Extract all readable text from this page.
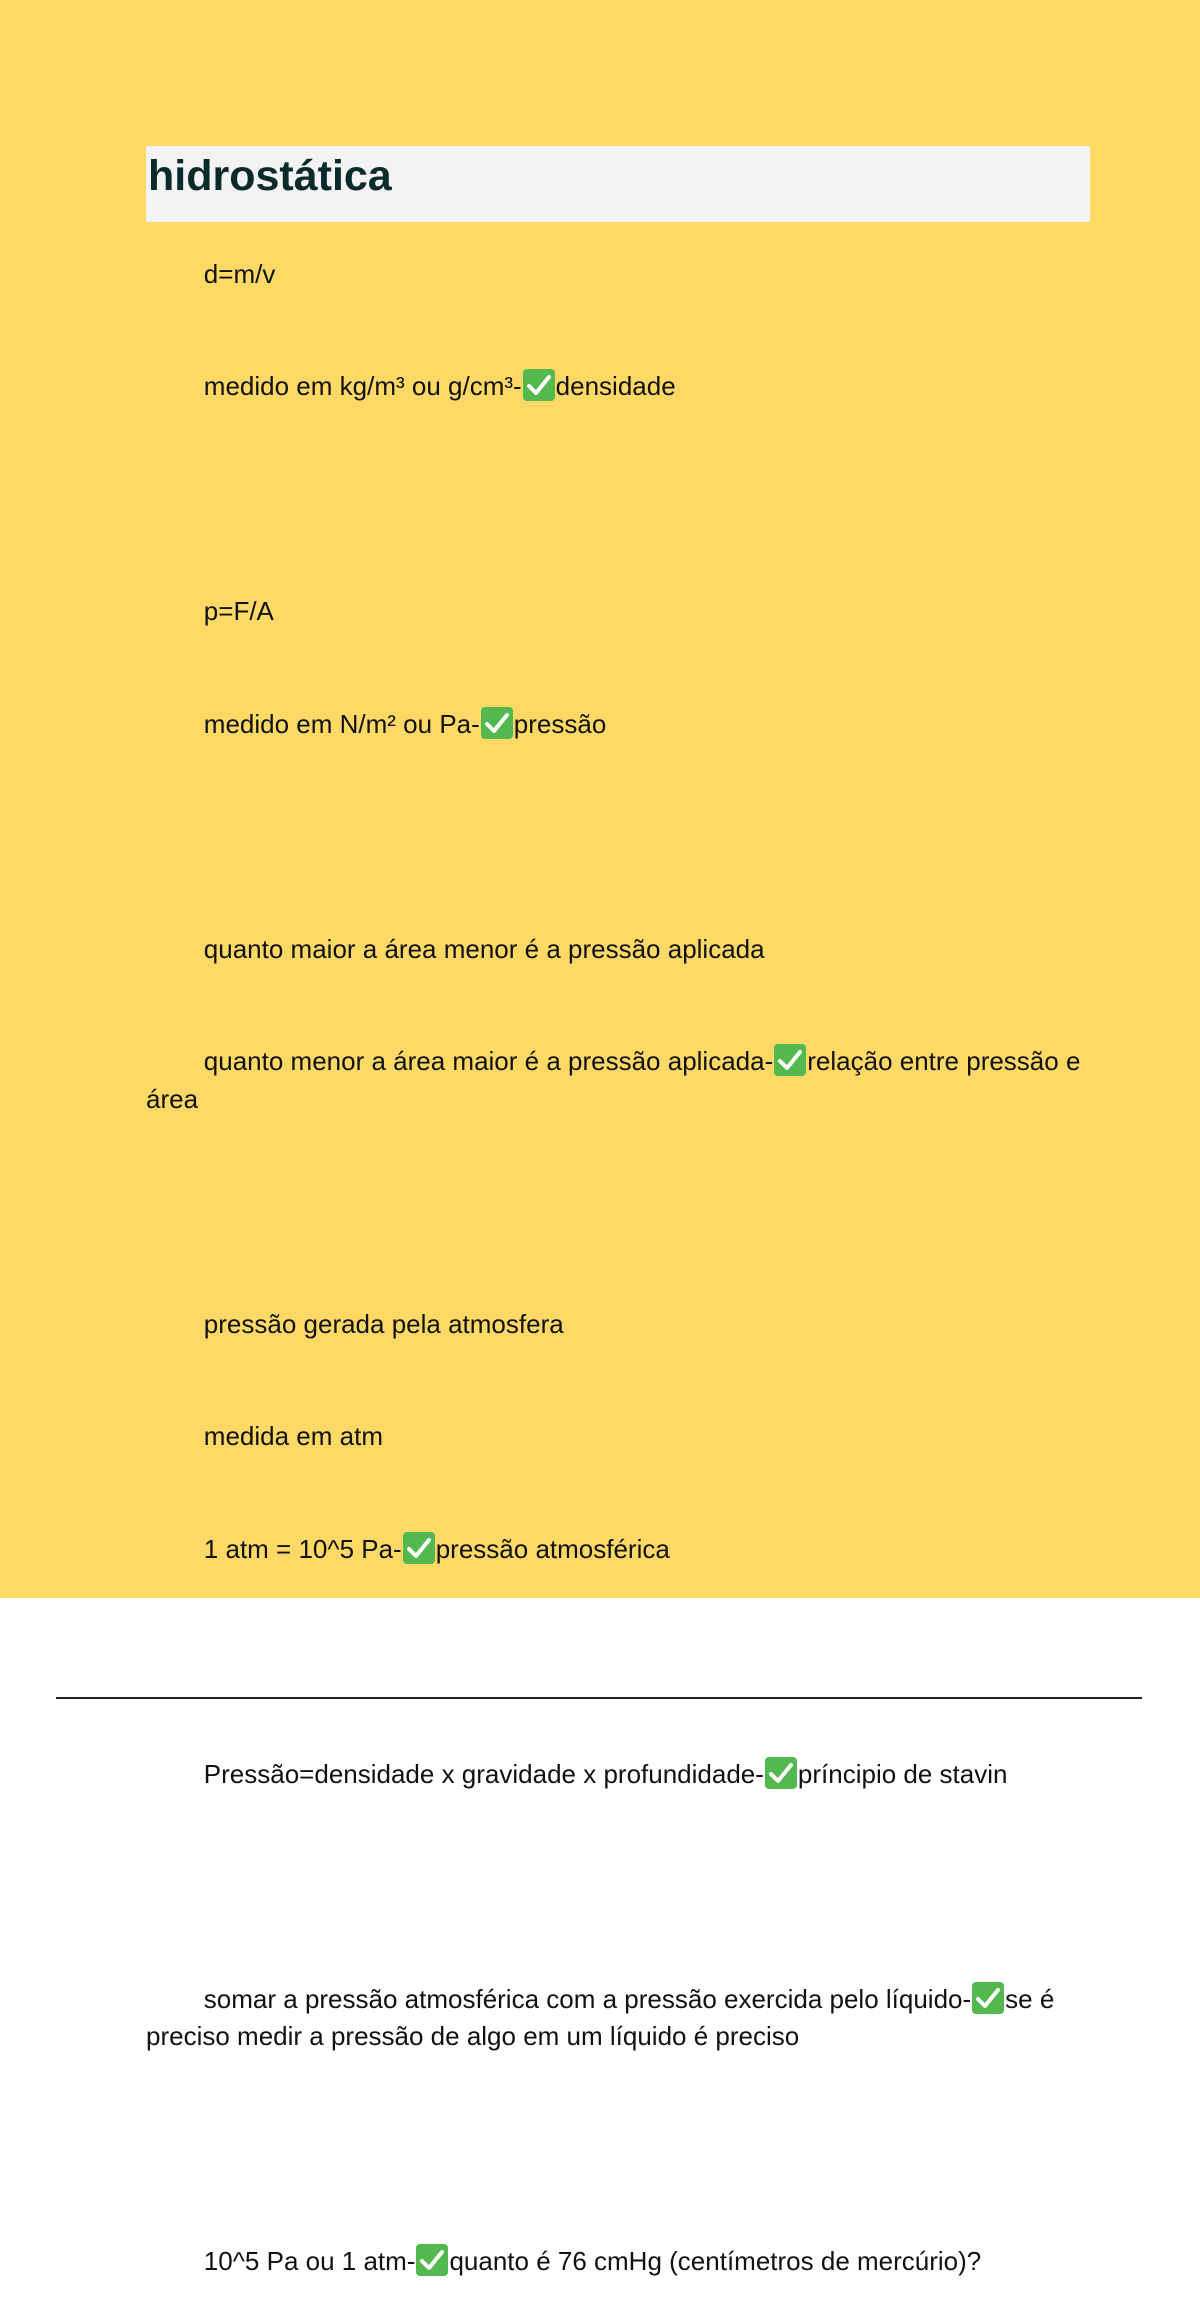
hidrostática

d=m/v

medido em kg/m³ ou g/cm³- densidade

p=F/A

medido em N/m² ou Pa- pressão

quanto maior a área menor é a pressão aplicada

quanto menor a área maior é a pressão aplicada- relação entre pressão e área

pressão gerada pela atmosfera

medida em atm

1 atm = 10^5 Pa- pressão atmosférica

Pressão=densidade x gravidade x profundidade- príncipio de stavin

somar a pressão atmosférica com a pressão exercida pelo líquido- se é preciso medir a pressão de algo em um líquido é preciso

10^5 Pa ou 1 atm- quanto é 76 cmHg (centímetros de mercúrio)?
